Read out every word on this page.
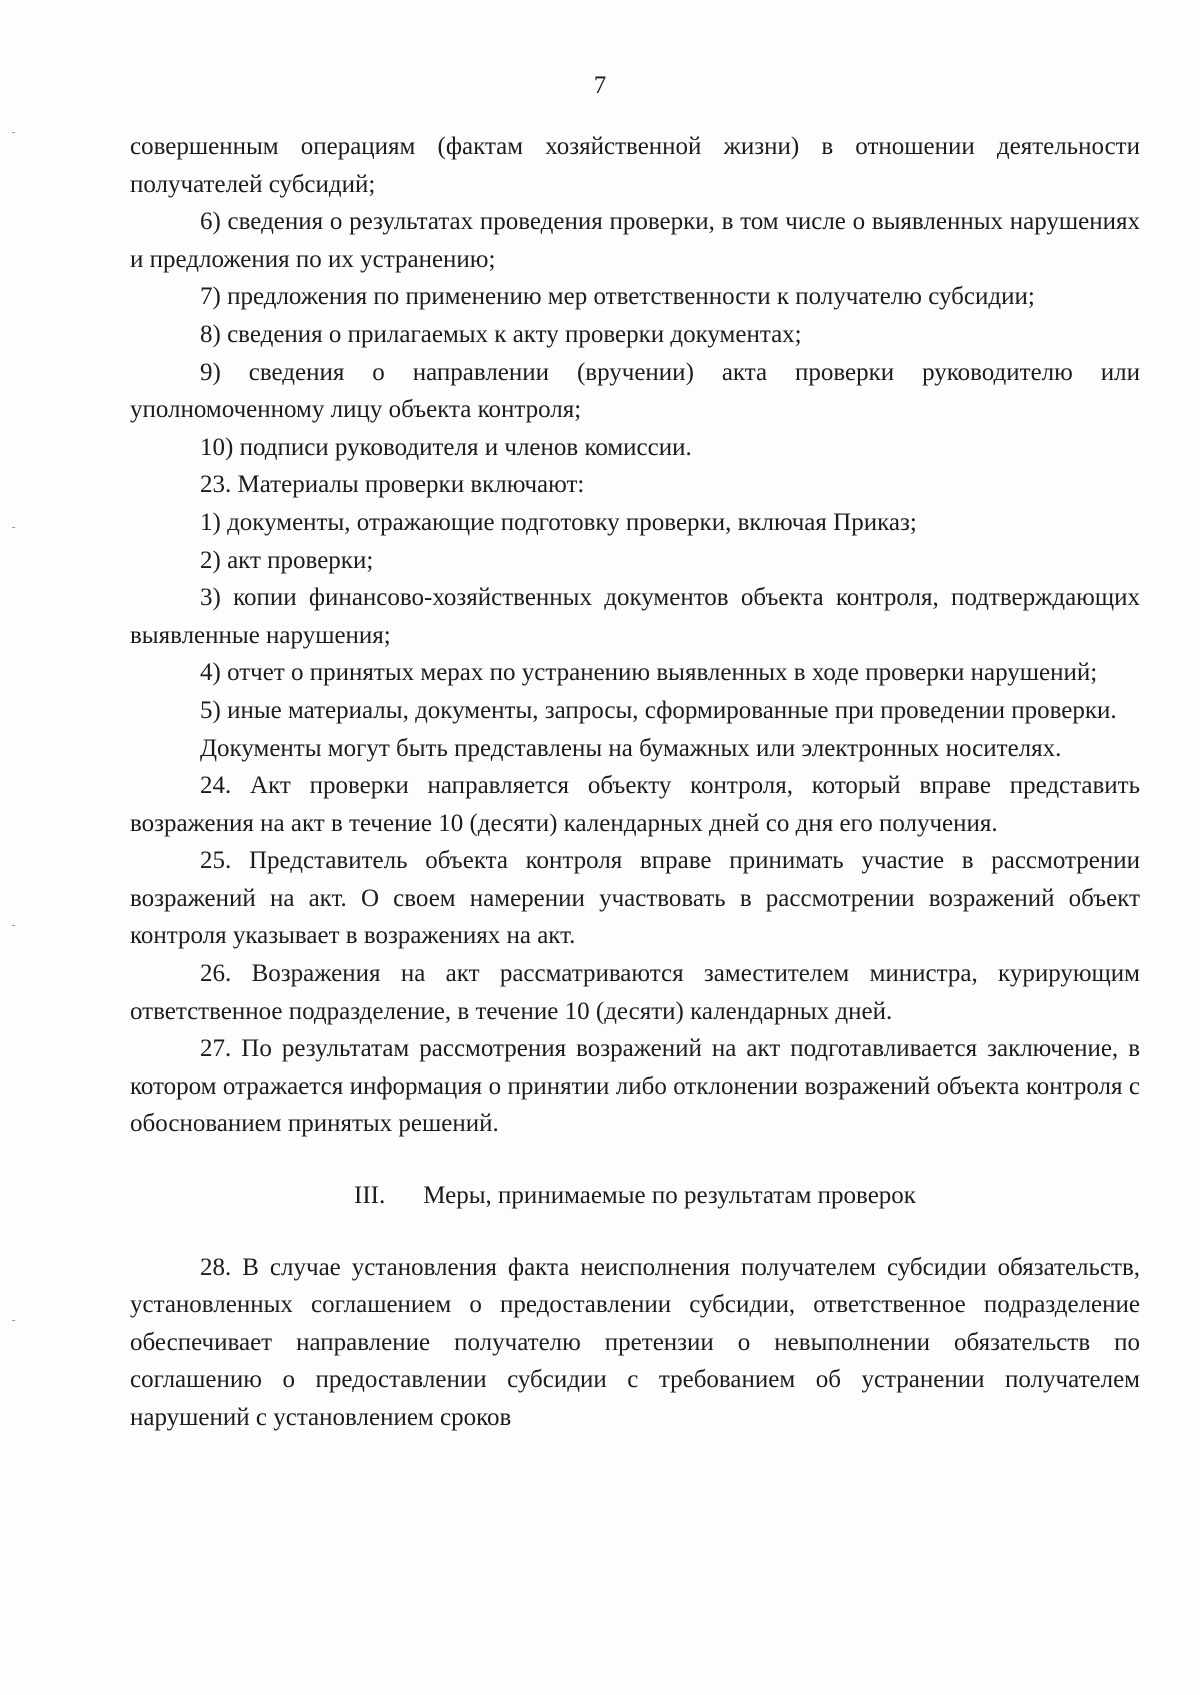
7

совершенным операциям (фактам хозяйственной жизни) в отношении деятельности получателей субсидий;

6) сведения о результатах проведения проверки, в том числе о выявленных нарушениях и предложения по их устранению;

7) предложения по применению мер ответственности к получателю субсидии;

8) сведения о прилагаемых к акту проверки документах;

9) сведения о направлении (вручении) акта проверки руководителю или уполномоченному лицу объекта контроля;

10) подписи руководителя и членов комиссии.

23. Материалы проверки включают:

1) документы, отражающие подготовку проверки, включая Приказ;

2) акт проверки;

3) копии финансово-хозяйственных документов объекта контроля, подтверждающих выявленные нарушения;

4) отчет о принятых мерах по устранению выявленных в ходе проверки нарушений;

5) иные материалы, документы, запросы, сформированные при проведении проверки.

Документы могут быть представлены на бумажных или электронных носителях.

24. Акт проверки направляется объекту контроля, который вправе представить возражения на акт в течение 10 (десяти) календарных дней со дня его получения.

25. Представитель объекта контроля вправе принимать участие в рассмотрении возражений на акт. О своем намерении участвовать в рассмотрении возражений объект контроля указывает в возражениях на акт.

26. Возражения на акт рассматриваются заместителем министра, курирующим ответственное подразделение, в течение 10 (десяти) календарных дней.

27. По результатам рассмотрения возражений на акт подготавливается заключение, в котором отражается информация о принятии либо отклонении возражений объекта контроля с обоснованием принятых решений.

III. Меры, принимаемые по результатам проверок

28. В случае установления факта неисполнения получателем субсидии обязательств, установленных соглашением о предоставлении субсидии, ответственное подразделение обеспечивает направление получателю претензии о невыполнении обязательств по соглашению о предоставлении субсидии с требованием об устранении получателем нарушений с установлением сроков
